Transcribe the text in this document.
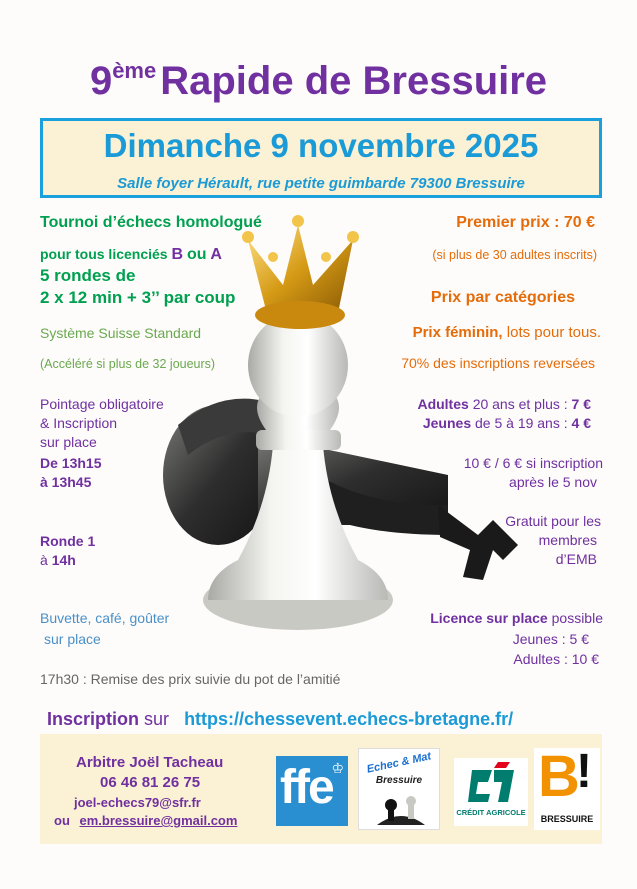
9ème Rapide de Bressuire
Dimanche 9 novembre 2025
Salle foyer Hérault, rue petite guimbarde 79300 Bressuire
Tournoi d’échecs homologué
pour tous licenciés B ou A
5 rondes de
2 x 12 min + 3’’ par coup
Système Suisse Standard
(Accéléré si plus de 32 joueurs)
Pointage obligatoire
& Inscription
sur place
De 13h15
à 13h45
Ronde 1
à 14h
Buvette, café, goûter
sur place
17h30 : Remise des prix suivie du pot de l’amitié
Premier prix : 70 €
(si plus de 30 adultes inscrits)
Prix par catégories
Prix féminin, lots pour tous.
70% des inscriptions reversées
Adultes 20 ans et plus : 7 €
Jeunes de 5 à 19 ans : 4 €
10 € / 6 € si inscription
après le 5 nov
Gratuit pour les
membres
d’EMB
Licence sur place possible
Jeunes : 5 €
Adultes : 10 €
Inscription sur https://chessevent.echecs-bretagne.fr/
Arbitre Joël Tacheau
06 46 81 26 75
joel-echecs79@sfr.fr
ou em.bressuire@gmail.com
ffe
♔	Echec & Mat
Bressuire
CRÉDIT AGRICOLE
B
!
BRESSUIRE
